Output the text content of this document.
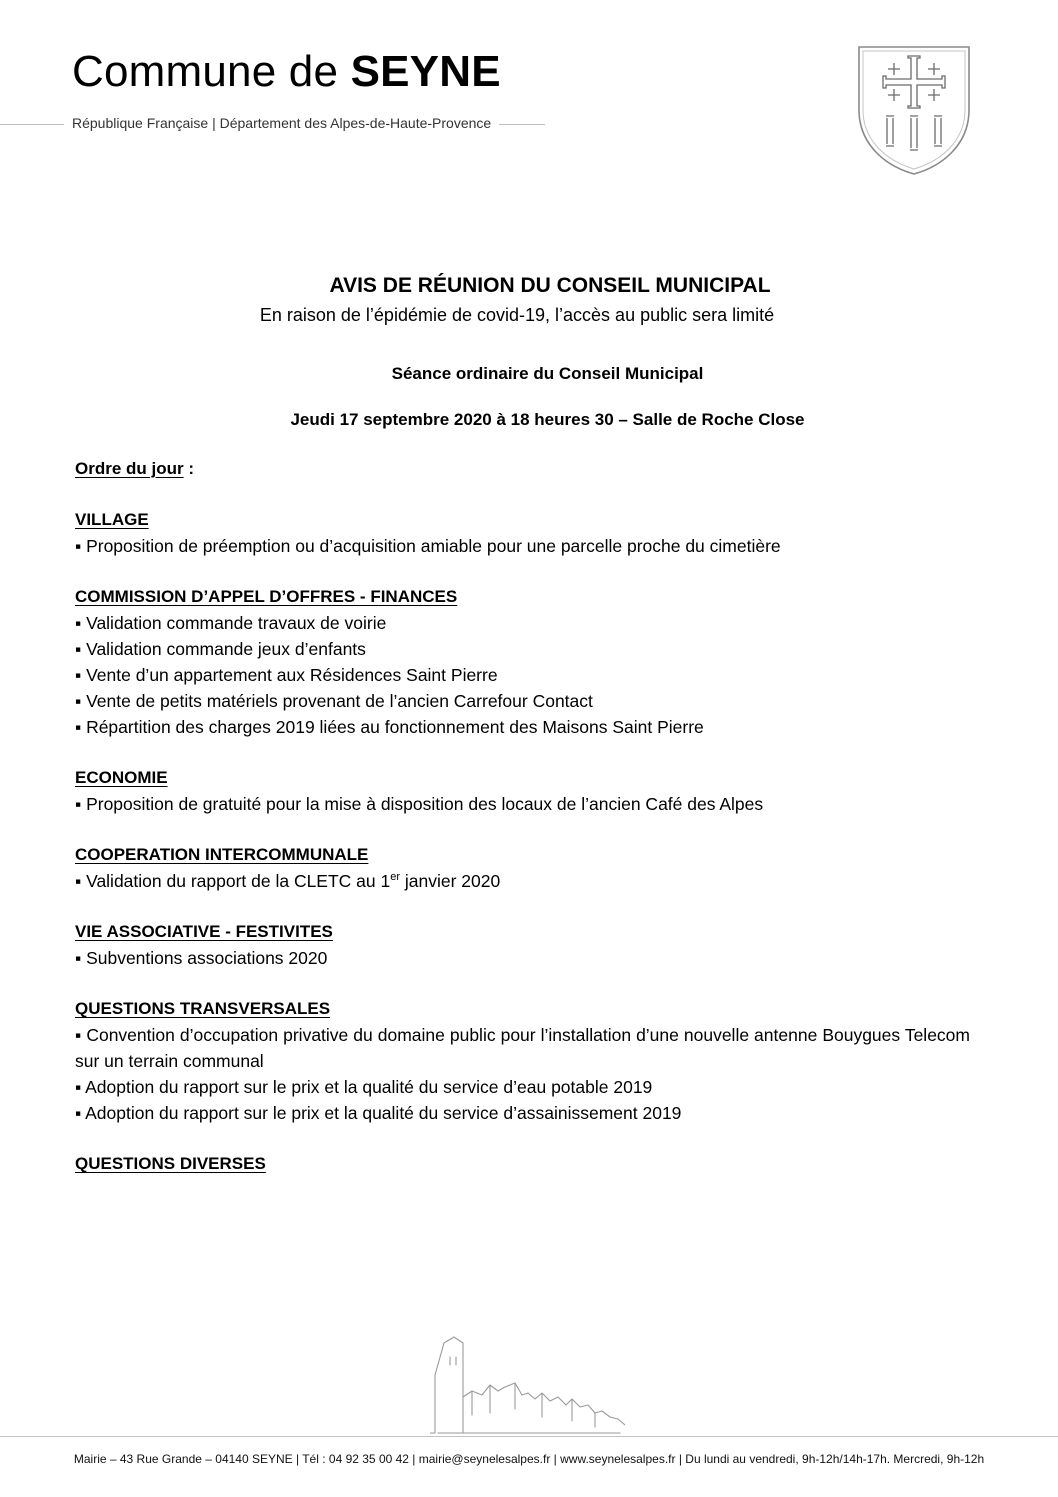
Commune de SEYNE
République Française | Département des Alpes-de-Haute-Provence
AVIS DE RÉUNION DU CONSEIL MUNICIPAL
En raison de l’épidémie de covid-19, l’accès au public sera limité
Séance ordinaire du Conseil Municipal
Jeudi 17 septembre 2020 à 18 heures 30 – Salle de Roche Close
Ordre du jour :
VILLAGE
▪ Proposition de préemption ou d’acquisition amiable pour une parcelle proche du cimetière
COMMISSION D’APPEL D’OFFRES - FINANCES
▪ Validation commande travaux de voirie
▪ Validation commande jeux d’enfants
▪ Vente d’un appartement aux Résidences Saint Pierre
▪ Vente de petits matériels provenant de l’ancien Carrefour Contact
▪ Répartition des charges 2019 liées au fonctionnement des Maisons Saint Pierre
ECONOMIE
▪ Proposition de gratuité pour la mise à disposition des locaux de l’ancien Café des Alpes
COOPERATION INTERCOMMUNALE
▪ Validation du rapport de la CLETC au 1er janvier 2020
VIE ASSOCIATIVE - FESTIVITES
▪ Subventions associations 2020
QUESTIONS TRANSVERSALES
▪ Convention d’occupation privative du domaine public pour l’installation d’une nouvelle antenne Bouygues Telecom sur un terrain communal
▪ Adoption du rapport sur le prix et la qualité du service d’eau potable 2019
▪ Adoption du rapport sur le prix et la qualité du service d’assainissement 2019
QUESTIONS DIVERSES
Mairie – 43 Rue Grande – 04140 SEYNE | Tél : 04 92 35 00 42 | mairie@seynelesalpes.fr | www.seynelesalpes.fr | Du lundi au vendredi, 9h-12h/14h-17h. Mercredi, 9h-12h
